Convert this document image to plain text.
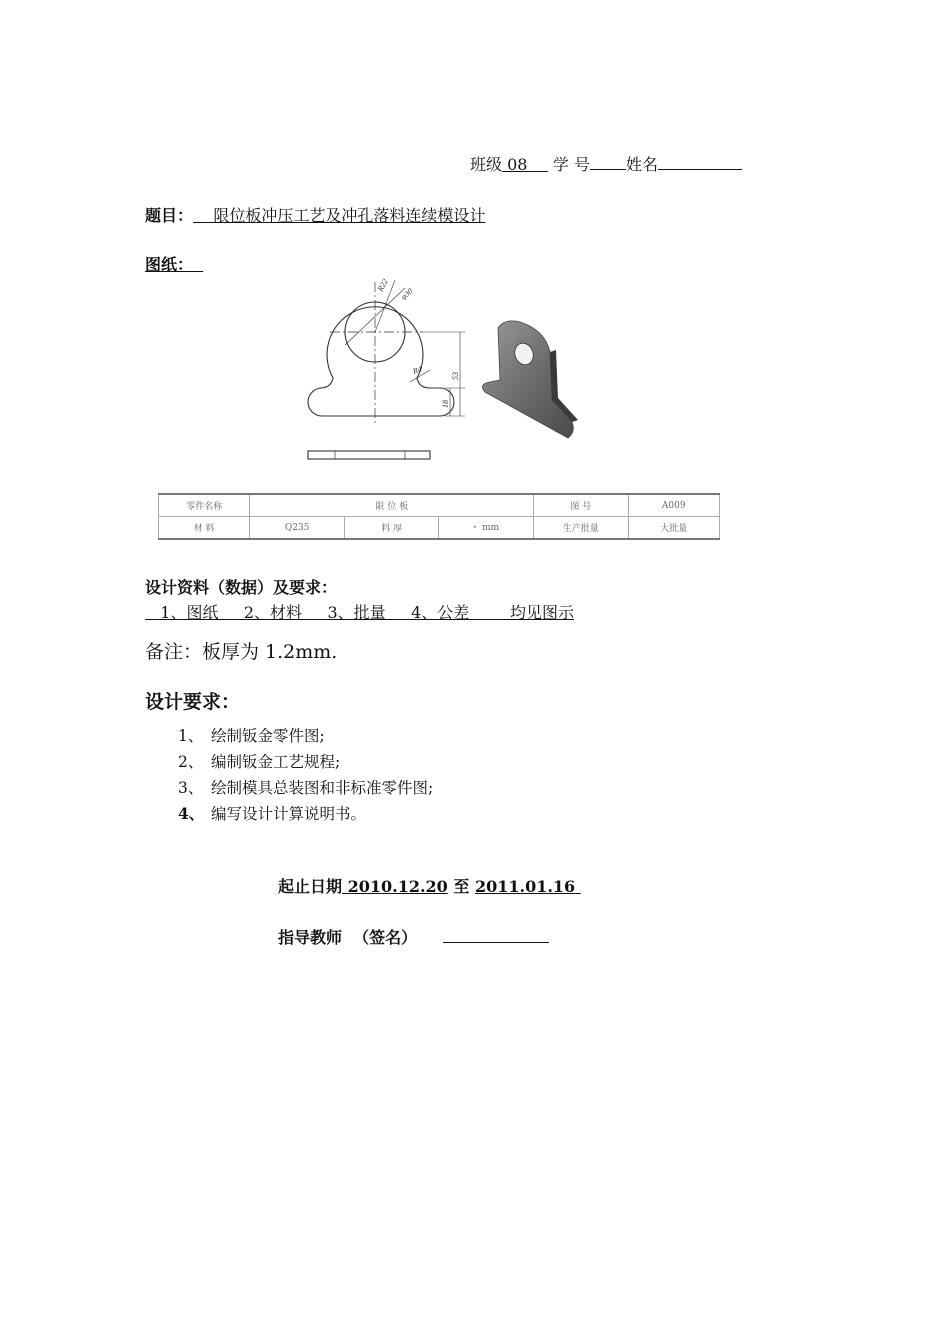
班级 08 学 号 姓名
题目： 限位板冲压工艺及冲孔落料连续模设计
图纸：
R22
φ30
R4
53
18
零件名称	限 位 板			图 号	A009
材 料	Q235	料 厚	· mm	生产批量	大批量
设计资料（数据）及要求：
1、图纸     2、材料     3、批量     4、公差        均见图示
备注：板厚为 1.2mm.
设计要求：
1、 绘制钣金零件图;
2、 编制钣金工艺规程;
3、 绘制模具总装图和非标准零件图;
4、 编写设计计算说明书。
起止日期 2010.12.20 至 2011.01.16
指导教师  （签名）
